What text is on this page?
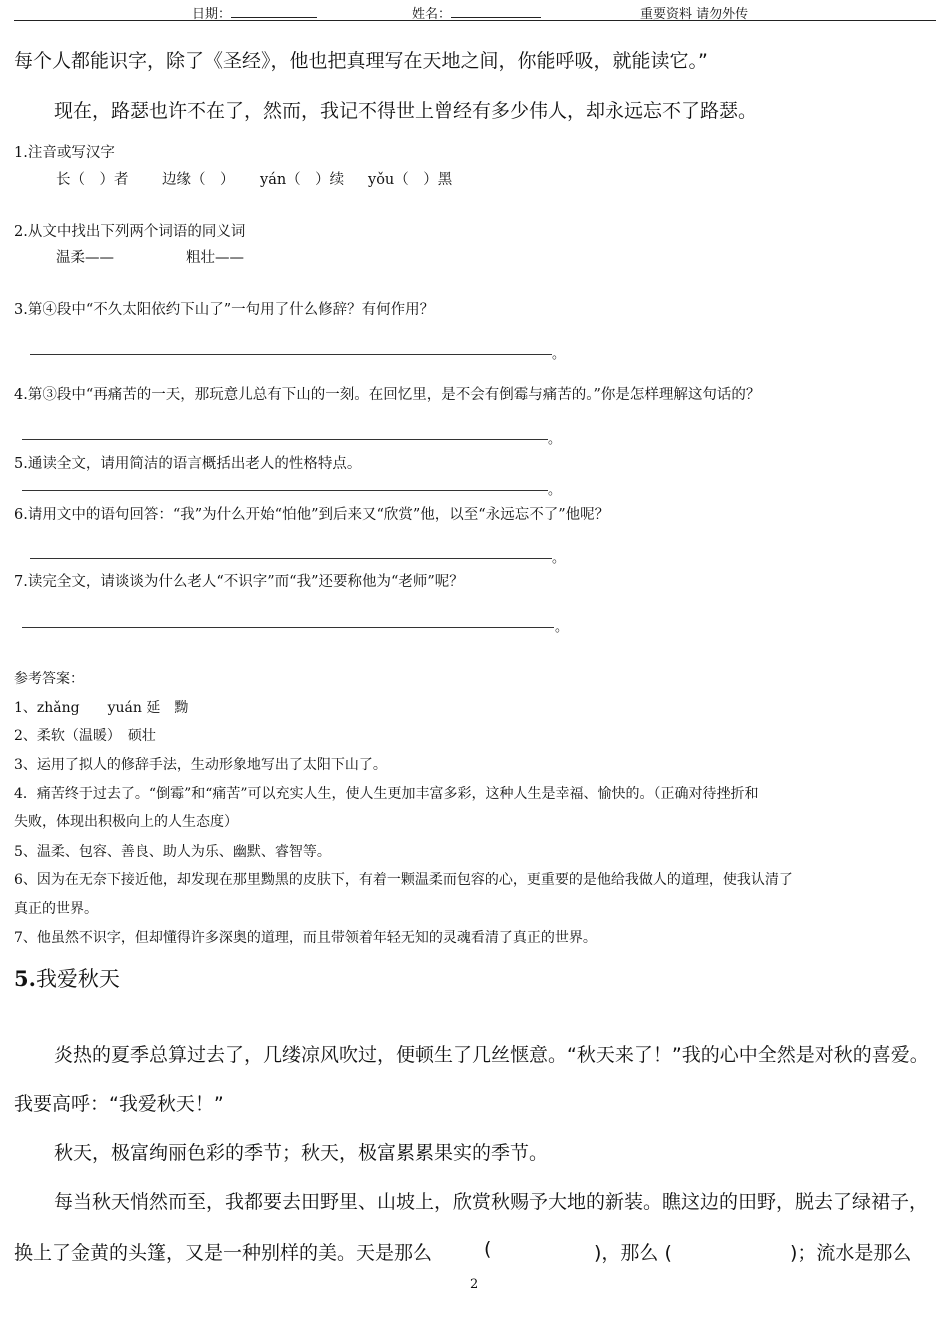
日期：	姓名：	重要资料 请勿外传
每个人都能识字，除了《圣经》，他也把真理写在天地之间，你能呼吸，就能读它。”
现在，路瑟也许不在了，然而，我记不得世上曾经有多少伟人，却永远忘不了路瑟。
1.注音或写汉字
长（　）者 边缘（　） yán（　）续 yǒu（　）黑
2.从文中找出下列两个词语的同义词
温柔——	粗壮——
3.第④段中“不久太阳依约下山了”一句用了什么修辞？有何作用？
。
4.第③段中“再痛苦的一天，那玩意儿总有下山的一刻。在回忆里，是不会有倒霉与痛苦的。”你是怎样理解这句话的？
。
5.通读全文，请用简洁的语言概括出老人的性格特点。
。
6.请用文中的语句回答：“我”为什么开始“怕他”到后来又“欣赏”他，以至“永远忘不了”他呢？
。
7.读完全文，请谈谈为什么老人“不识字”而“我”还要称他为“老师”呢？
。
参考答案：
1、zhǎng　　yuán 延　黝
2、柔软（温暖）　硕壮
3、运用了拟人的修辞手法，生动形象地写出了太阳下山了。
4．痛苦终于过去了。“倒霉”和“痛苦”可以充实人生，使人生更加丰富多彩，这种人生是幸福、愉快的。（正确对待挫折和
失败，体现出积极向上的人生态度）
5、温柔、包容、善良、助人为乐、幽默、睿智等。
6、因为在无奈下接近他，却发现在那里黝黑的皮肤下，有着一颗温柔而包容的心，更重要的是他给我做人的道理，使我认清了
真正的世界。
7、他虽然不识字，但却懂得许多深奥的道理，而且带领着年轻无知的灵魂看清了真正的世界。
5.我爱秋天
炎热的夏季总算过去了，几缕凉风吹过，便顿生了几丝惬意。“秋天来了！”我的心中全然是对秋的喜爱。
我要高呼：“我爱秋天！”
秋天，极富绚丽色彩的季节；秋天，极富累累果实的季节。
每当秋天悄然而至，我都要去田野里、山坡上，欣赏秋赐予大地的新装。瞧这边的田野，脱去了绿裙子，
换上了金黄的头篷，又是一种别样的美。天是那么	(	)，那么 (	)；流水是那么
2
